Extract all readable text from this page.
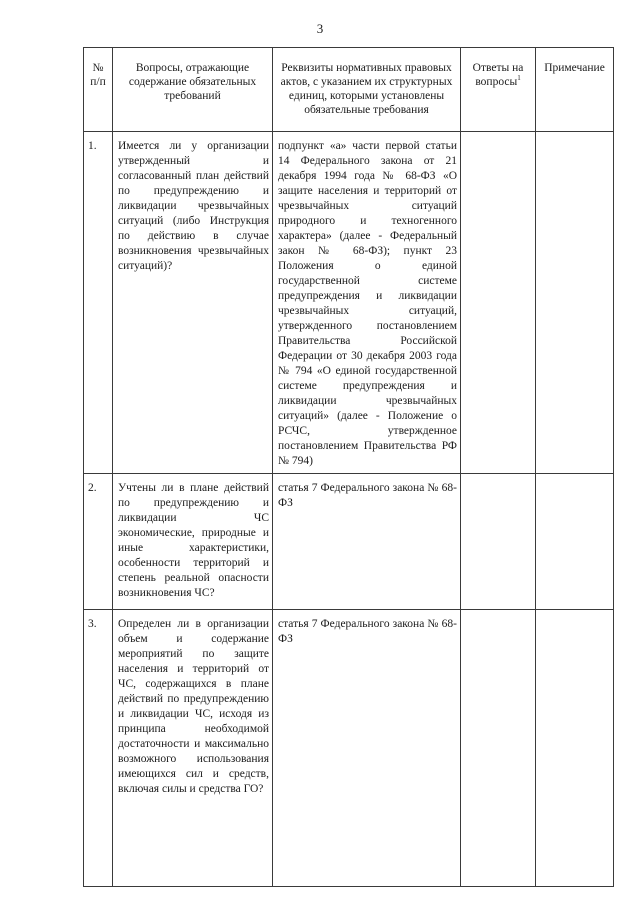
3
№ п/п	Вопросы, отражающие содержание обязательных требований	Реквизиты нормативных правовых актов, с указанием их структурных единиц, которыми установлены обязательные требования	Ответы на вопросы$^1$	Примечание

1.	Имеется ли у организации утвержденный и согласованный план действий по предупреждению и ликвидации чрезвычайных ситуаций (либо Инструкция по действию в случае возникновения чрезвычайных ситуаций)?	подпункт «а» части первой статьи 14 Федерального закона от 21 декабря 1994 года № 68-ФЗ «О защите населения и территорий от чрезвычайных ситуаций природного и техногенного характера» (далее - Федеральный закон № 68-ФЗ); пункт 23 Положения о единой государственной системе предупреждения и ликвидации чрезвычайных ситуаций, утвержденного постановлением Правительства Российской Федерации от 30 декабря 2003 года № 794 «О единой государственной системе предупреждения и ликвидации чрезвычайных ситуаций» (далее - Положение о РСЧС, утвержденное постановлением Правительства РФ № 794)		

2.	Учтены ли в плане действий по предупреждению и ликвидации ЧС экономические, природные и иные характеристики, особенности территорий и степень реальной опасности возникновения ЧС?	статья 7 Федерального закона № 68-ФЗ		

3.	Определен ли в организации объем и содержание мероприятий по защите населения и территорий от ЧС, содержащихся в плане действий по предупреждению и ликвидации ЧС, исходя из принципа необходимой достаточности и максимально возможного использования имеющихся сил и средств, включая силы и средства ГО?	статья 7 Федерального закона № 68-ФЗ		
